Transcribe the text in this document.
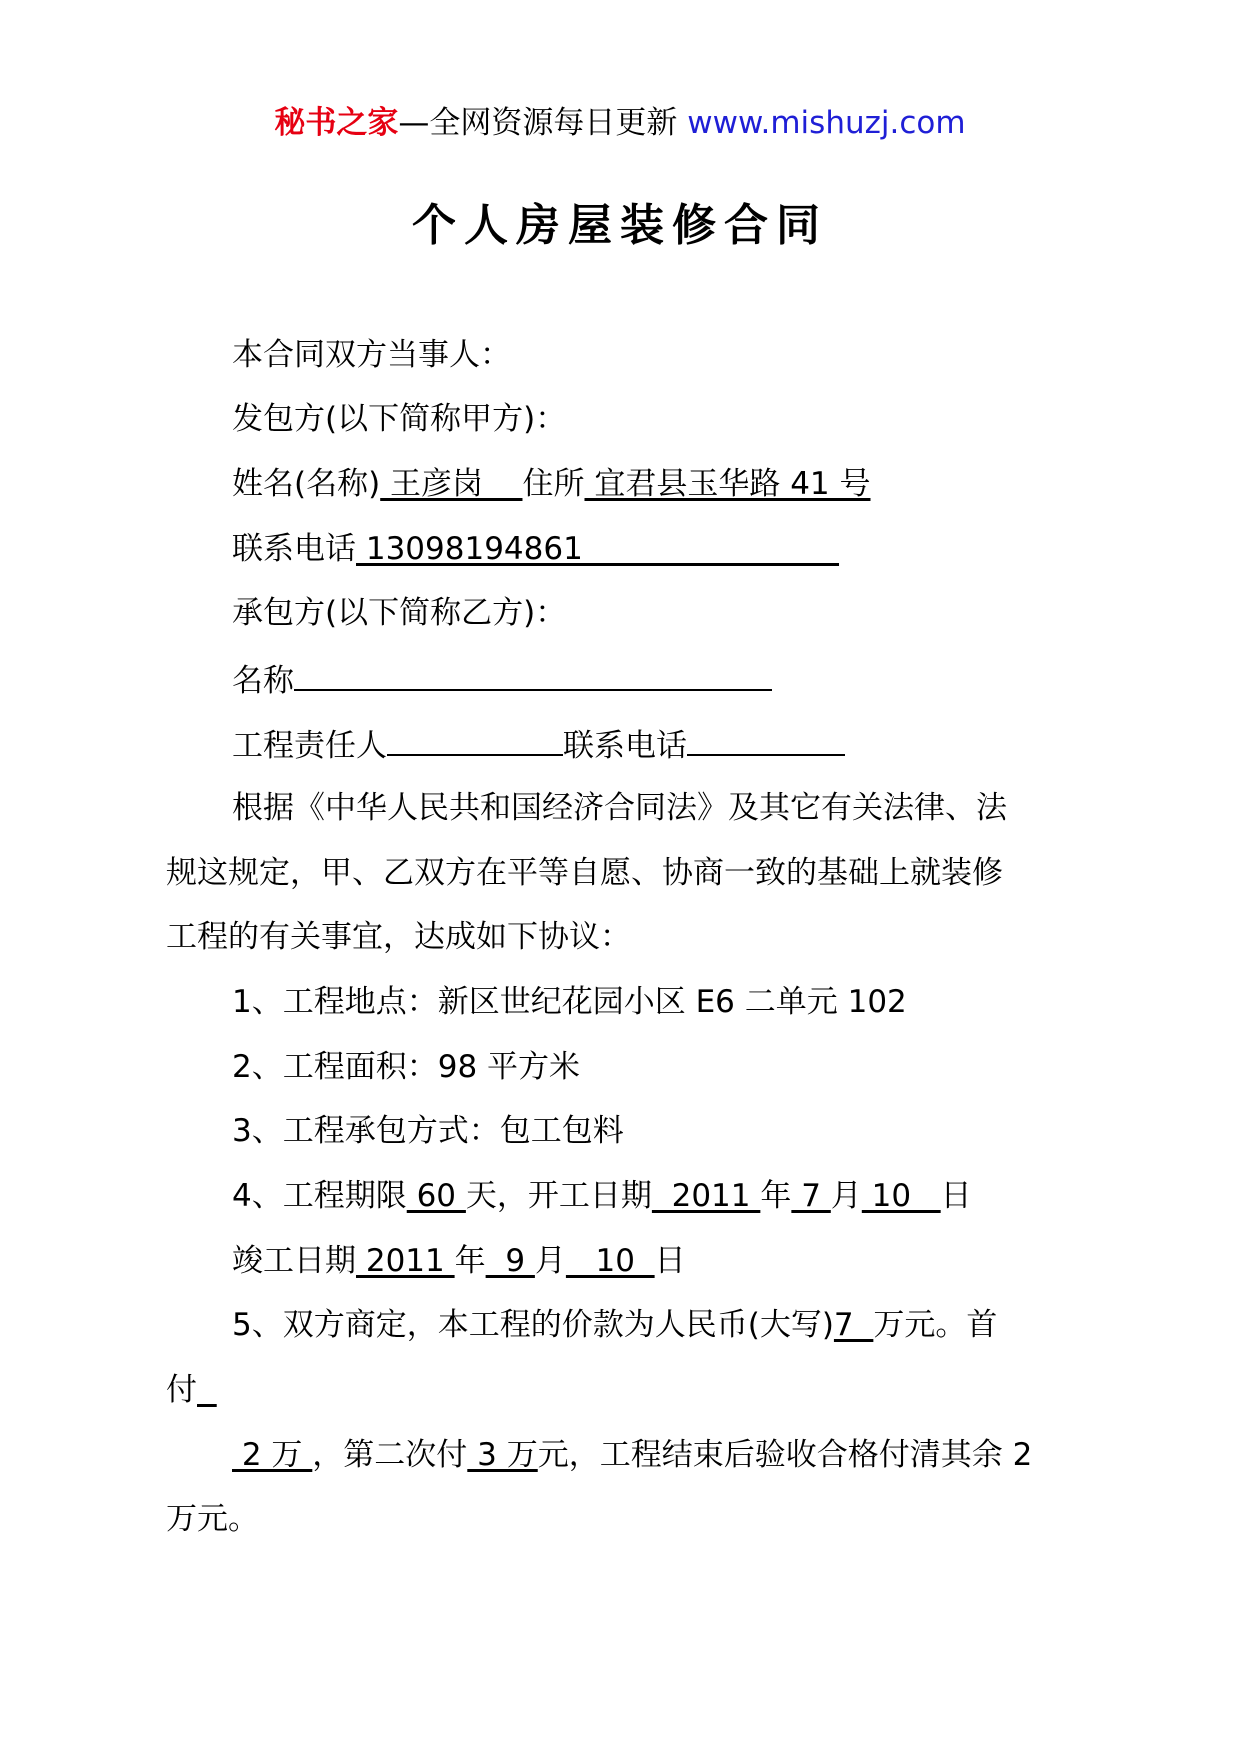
秘书之家—全网资源每日更新 www.mishuzj.com
个人房屋装修合同
本合同双方当事人：
发包方(以下简称甲方)：
姓名(名称) 王彦岗    住所 宜君县玉华路 41 号
联系电话 13098194861
承包方(以下简称乙方)：
名称
工程责任人	联系电话
根据《中华人民共和国经济合同法》及其它有关法律、法
规这规定，甲、乙双方在平等自愿、协商一致的基础上就装修
工程的有关事宜，达成如下协议：
1、工程地点：新区世纪花园小区 E6 二单元 102
2、工程面积：98 平方米
3、工程承包方式：包工包料
4、工程期限 60 天，开工日期  2011 年 7 月 10   日
竣工日期 2011 年  9 月   10  日
5、双方商定，本工程的价款为人民币(大写)7  万元。首
付
2 万 ，第二次付 3 万元，工程结束后验收合格付清其余 2
万元。
